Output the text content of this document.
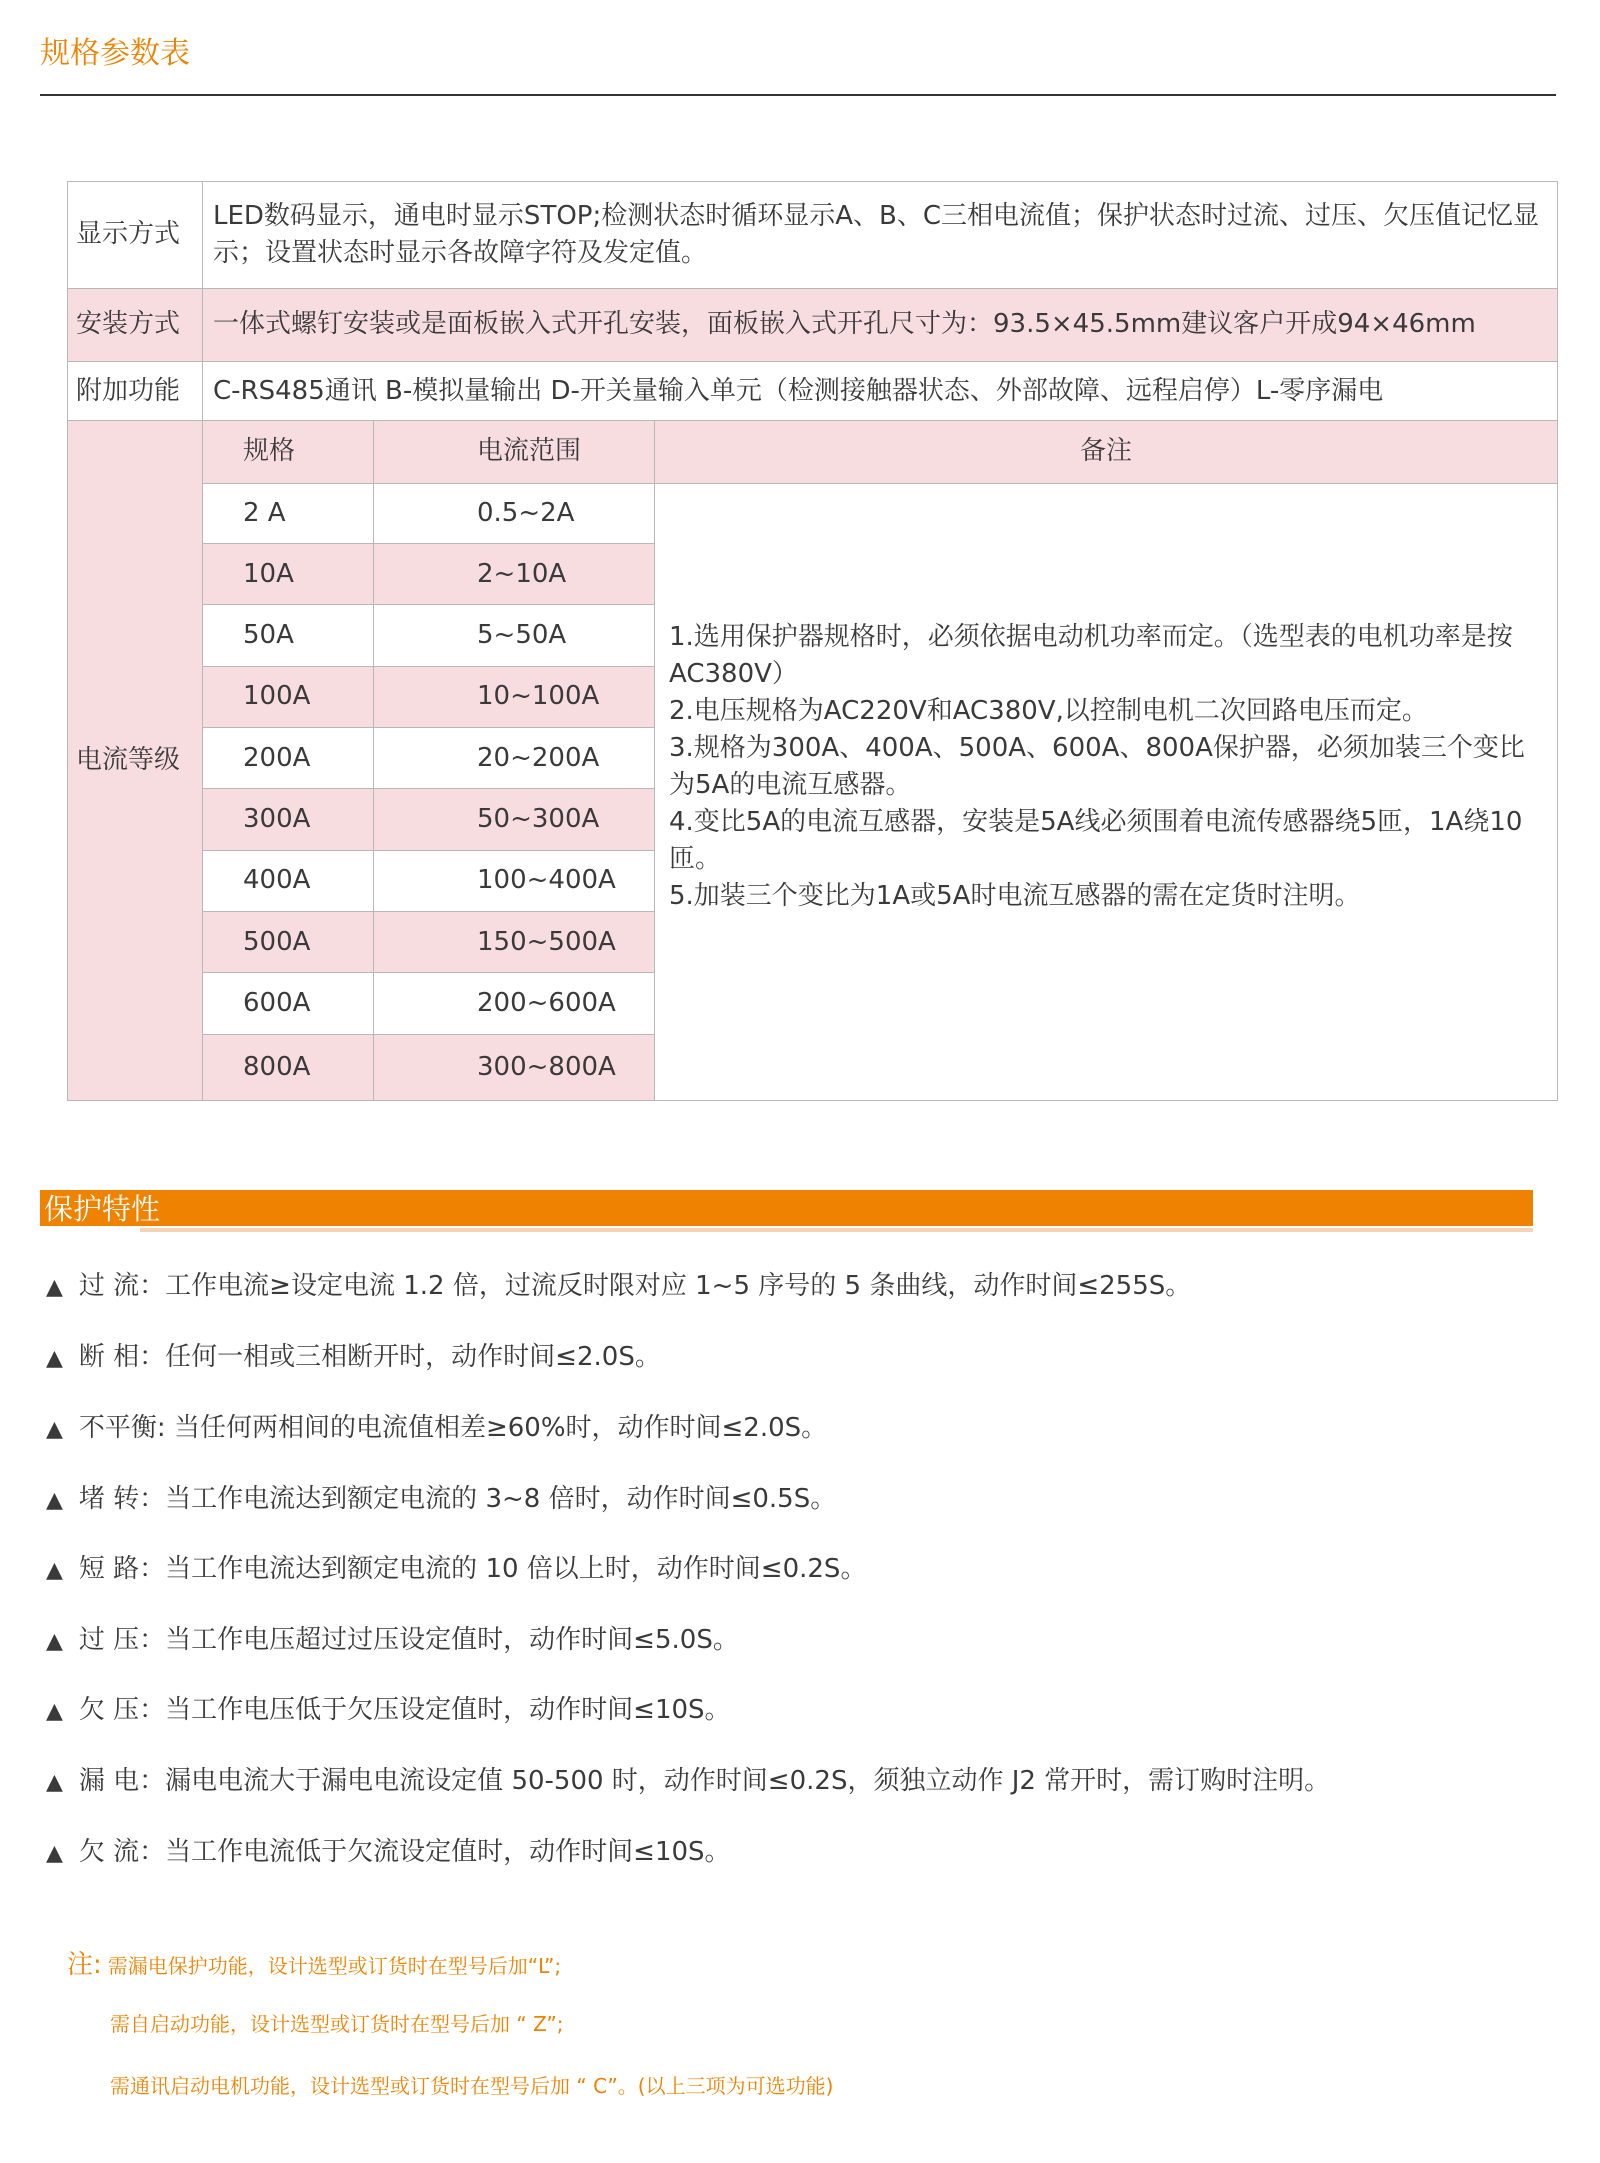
规格参数表
显示方式	LED数码显示，通电时显示STOP;检测状态时循环显示A、B、C三相电流值；保护状态时过流、过压、欠压值记忆显示；设置状态时显示各故障字符及发定值。		
安装方式	一体式螺钉安装或是面板嵌入式开孔安装，面板嵌入式开孔尺寸为：93.5×45.5mm建议客户开成94×46mm		
附加功能	C-RS485通讯 B-模拟量输出 D-开关量输入单元（检测接触器状态、外部故障、远程启停）L-零序漏电		
电流等级	规格	电流范围	备注
	2 A	0.5~2A	1.选用保护器规格时，必须依据电动机功率而定。（选型表的电机功率是按AC380V）
2.电压规格为AC220V和AC380V,以控制电机二次回路电压而定。
3.规格为300A、400A、500A、600A、800A保护器，必须加装三个变比为5A的电流互感器。
4.变比5A的电流互感器，安装是5A线必须围着电流传感器绕5匝，1A绕10匝。
5.加装三个变比为1A或5A时电流互感器的需在定货时注明。

	10A	2~10A	
	50A	5~50A	
	100A	10~100A	
	200A	20~200A	
	300A	50~300A	
	400A	100~400A	
	500A	150~500A	
	600A	200~600A	
	800A	300~800A	
保护特性
▲ 过 流：工作电流≥设定电流 1.2 倍，过流反时限对应 1~5 序号的 5 条曲线，动作时间≤255S。
▲ 断 相：任何一相或三相断开时，动作时间≤2.0S。
▲ 不平衡: 当任何两相间的电流值相差≥60%时，动作时间≤2.0S。
▲ 堵 转：当工作电流达到额定电流的 3~8 倍时，动作时间≤0.5S。
▲ 短 路：当工作电流达到额定电流的 10 倍以上时，动作时间≤0.2S。
▲ 过 压：当工作电压超过过压设定值时，动作时间≤5.0S。
▲ 欠 压：当工作电压低于欠压设定值时，动作时间≤10S。
▲ 漏 电：漏电电流大于漏电电流设定值 50-500 时，动作时间≤0.2S，须独立动作 J2 常开时，需订购时注明。
▲ 欠 流：当工作电流低于欠流设定值时，动作时间≤10S。
注: 需漏电保护功能，设计选型或订货时在型号后加“L”;
需自启动功能，设计选型或订货时在型号后加 “ Z”;
需通讯启动电机功能，设计选型或订货时在型号后加 “ C”。(以上三项为可选功能)
